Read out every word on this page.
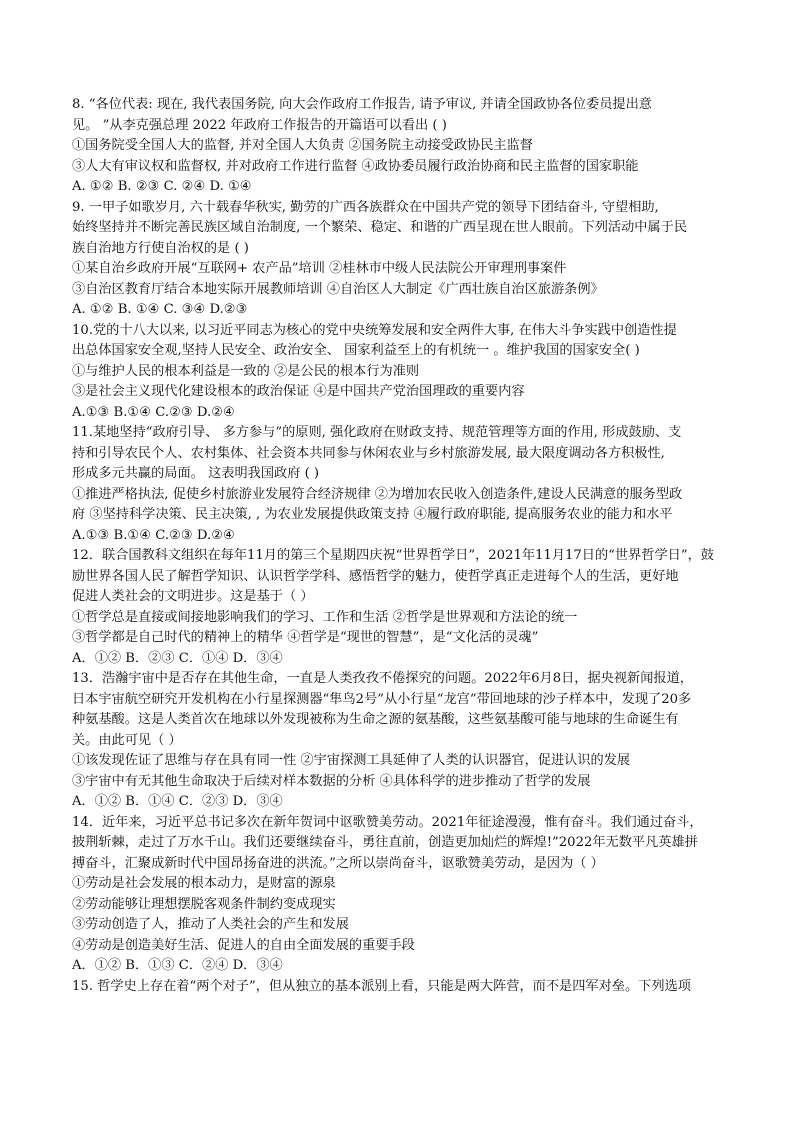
8. “各位代表: 现在, 我代表国务院, 向大会作政府工作报告, 请予审议, 并请全国政协各位委员提出意
见。 ”从李克强总理 2022 年政府工作报告的开篇语可以看出 ( )
①国务院受全国人大的监督, 并对全国人大负责 ②国务院主动接受政协民主监督
③人大有审议权和监督权, 并对政府工作进行监督 ④政协委员履行政治协商和民主监督的国家职能
A. ①② B. ②③ C. ②④ D. ①④
9. 一甲子如歌岁月, 六十载春华秋实, 勤劳的广西各族群众在中国共产党的领导下团结奋斗, 守望相助,
始终坚持并不断完善民族区域自治制度, 一个繁荣、稳定、和谐的广西呈现在世人眼前。下列活动中属于民
族自治地方行使自治权的是 ( )
①某自治乡政府开展“互联网+ 农产品”培训 ②桂林市中级人民法院公开审理刑事案件
③自治区教育厅结合本地实际开展教师培训 ④自治区人大制定《广西壮族自治区旅游条例》
A. ①② B. ①④ C. ③④ D.②③
10.党的十八大以来, 以习近平同志为核心的党中央统筹发展和安全两件大事, 在伟大斗争实践中创造性提
出总体国家安全观,坚持人民安全、政治安全、 国家利益至上的有机统一 。维护我国的国家安全( )
①与维护人民的根本利益是一致的 ②是公民的根本行为准则
③是社会主义现代化建设根本的政治保证 ④是中国共产党治国理政的重要内容
A.①③ B.①④ C.②③ D.②④
11.某地坚持“政府引导、 多方参与”的原则, 强化政府在财政支持、规范管理等方面的作用, 形成鼓励、支
持和引导农民个人、农村集体、社会资本共同参与休闲农业与乡村旅游发展, 最大限度调动各方积极性,
形成多元共赢的局面。 这表明我国政府 ( )
①推进严格执法, 促使乡村旅游业发展符合经济规律 ②为增加农民收入创造条件,建设人民满意的服务型政
府 ③坚持科学决策、民主决策, , 为农业发展提供政策支持 ④履行政府职能, 提高服务农业的能力和水平
A.①③ B.①④ C.②③ D.②④
12．联合国教科文组织在每年11月的第三个星期四庆祝“世界哲学日”，2021年11月17日的“世界哲学日”，鼓
励世界各国人民了解哲学知识、认识哲学学科、感悟哲学的魅力，使哲学真正走进每个人的生活，更好地
促进人类社会的文明进步。这是基于（ ）
①哲学总是直接或间接地影响我们的学习、工作和生活 ②哲学是世界观和方法论的统一
③哲学都是自己时代的精神上的精华 ④哲学是“现世的智慧”，是“文化活的灵魂”
A．①② B．②③ C．①④ D．③④
13．浩瀚宇宙中是否存在其他生命，一直是人类孜孜不倦探究的问题。2022年6月8日，据央视新闻报道，
日本宇宙航空研究开发机构在小行星探测器“隼鸟2号”从小行星“龙宫”带回地球的沙子样本中，发现了20多
种氨基酸。这是人类首次在地球以外发现被称为生命之源的氨基酸，这些氨基酸可能与地球的生命诞生有
关。由此可见（ ）
①该发现佐证了思维与存在具有同一性 ②宇宙探测工具延伸了人类的认识器官，促进认识的发展
③宇宙中有无其他生命取决于后续对样本数据的分析 ④具体科学的进步推动了哲学的发展
A．①② B．①④ C．②③ D．③④
14．近年来，习近平总书记多次在新年贺词中讴歌赞美劳动。2021年征途漫漫，惟有奋斗。我们通过奋斗，
披荆斩棘，走过了万水千山。我们还要继续奋斗，勇往直前，创造更加灿烂的辉煌!”2022年无数平凡英雄拼
搏奋斗，汇聚成新时代中国昂扬奋进的洪流。”之所以崇尚奋斗，讴歌赞美劳动，是因为（ ）
①劳动是社会发展的根本动力，是财富的源泉
②劳动能够让理想摆脱客观条件制约变成现实
③劳动创造了人，推动了人类社会的产生和发展
④劳动是创造美好生活、促进人的自由全面发展的重要手段
A．①② B．①③ C．②④ D．③④
15. 哲学史上存在着“两个对子”，但从独立的基本派别上看，只能是两大阵营，而不是四军对垒。下列选项
